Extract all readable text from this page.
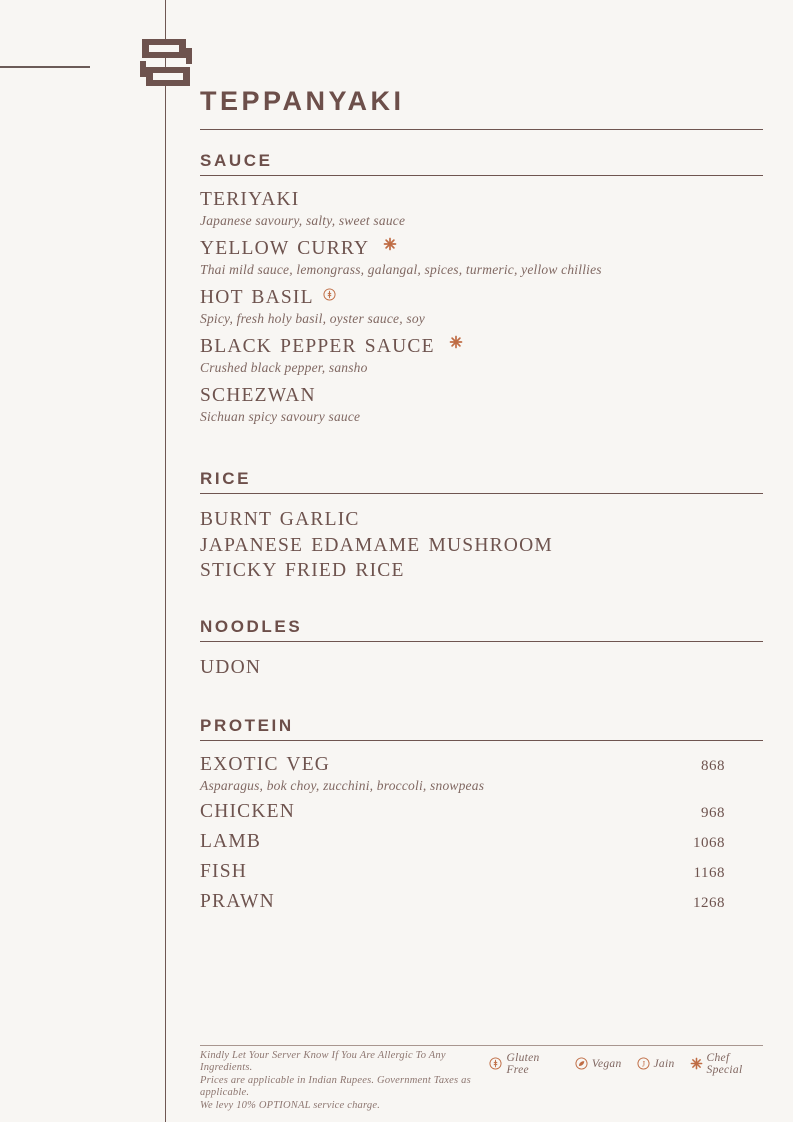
TEPPANYAKI
SAUCE
TERIYAKI
Japanese savoury, salty, sweet sauce
YELLOW CURRY
Thai mild sauce, lemongrass, galangal, spices, turmeric, yellow chillies
HOT BASIL
Spicy, fresh holy basil, oyster sauce, soy
BLACK PEPPER SAUCE
Crushed black pepper, sansho
SCHEZWAN
Sichuan spicy savoury sauce
RICE
BURNT GARLIC
JAPANESE EDAMAME MUSHROOM
STICKY FRIED RICE
NOODLES
UDON
PROTEIN
EXOTIC VEG	868
Asparagus, bok choy, zucchini, broccoli, snowpeas
CHICKEN	968
LAMB	1068
FISH	1168
PRAWN	1268
Kindly Let Your Server Know If You Are Allergic To Any Ingredients.
Prices are applicable in Indian Rupees. Government Taxes as
applicable.
We levy 10% OPTIONAL service charge.
Gluten Free	Vegan J Jain	Chef Special
